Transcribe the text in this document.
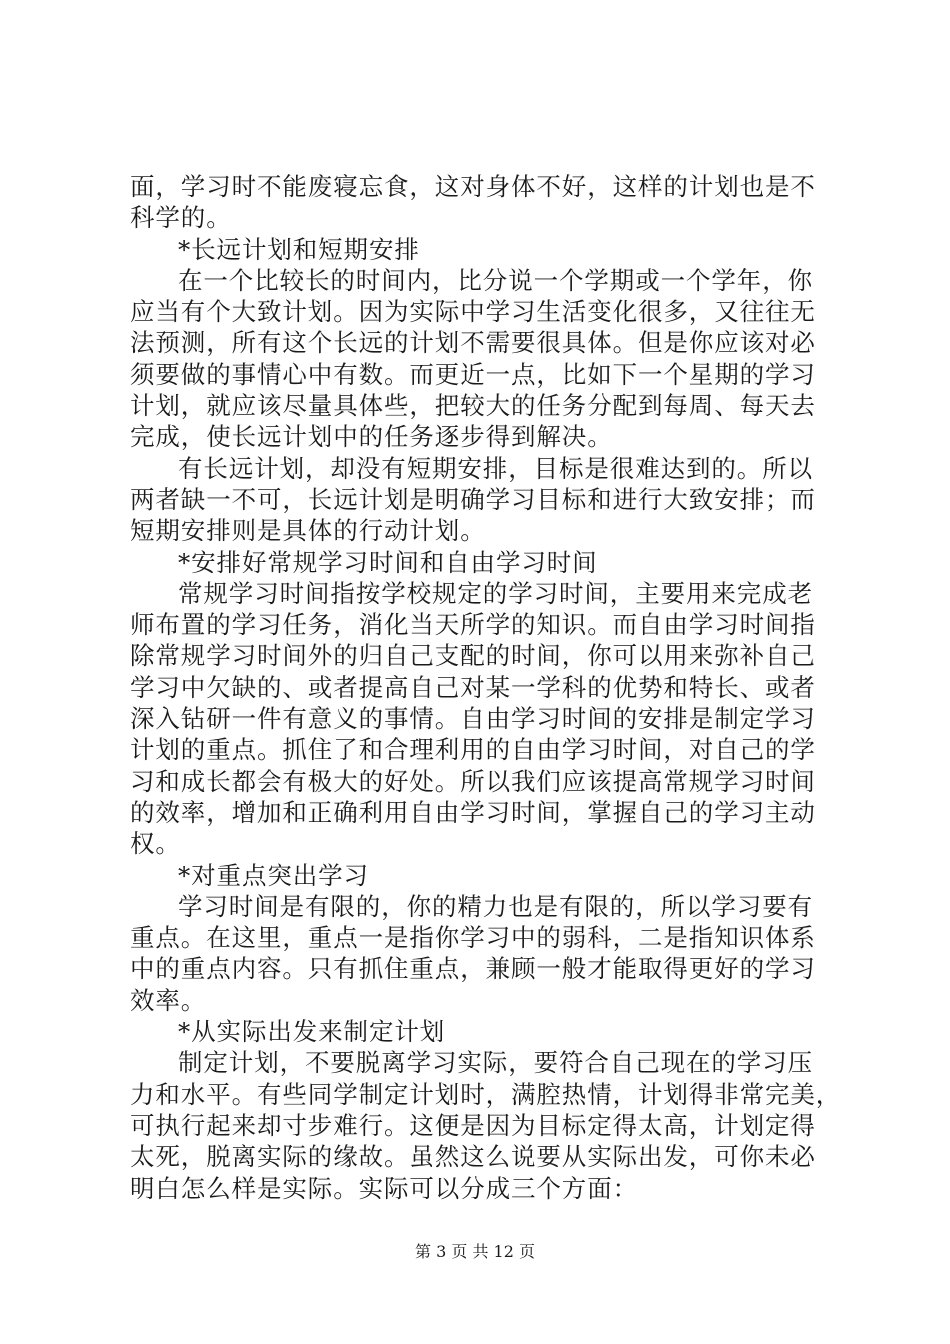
面，学习时不能废寝忘食，这对身体不好，这样的计划也是不
科学的。
*长远计划和短期安排
在一个比较长的时间内，比分说一个学期或一个学年，你
应当有个大致计划。因为实际中学习生活变化很多，又往往无
法预测，所有这个长远的计划不需要很具体。但是你应该对必
须要做的事情心中有数。而更近一点，比如下一个星期的学习
计划，就应该尽量具体些，把较大的任务分配到每周、每天去
完成，使长远计划中的任务逐步得到解决。
有长远计划，却没有短期安排，目标是很难达到的。所以
两者缺一不可，长远计划是明确学习目标和进行大致安排；而
短期安排则是具体的行动计划。
*安排好常规学习时间和自由学习时间
常规学习时间指按学校规定的学习时间，主要用来完成老
师布置的学习任务，消化当天所学的知识。而自由学习时间指
除常规学习时间外的归自己支配的时间，你可以用来弥补自己
学习中欠缺的、或者提高自己对某一学科的优势和特长、或者
深入钻研一件有意义的事情。自由学习时间的安排是制定学习
计划的重点。抓住了和合理利用的自由学习时间，对自己的学
习和成长都会有极大的好处。所以我们应该提高常规学习时间
的效率，增加和正确利用自由学习时间，掌握自己的学习主动
权。
*对重点突出学习
学习时间是有限的，你的精力也是有限的，所以学习要有
重点。在这里，重点一是指你学习中的弱科，二是指知识体系
中的重点内容。只有抓住重点，兼顾一般才能取得更好的学习
效率。
*从实际出发来制定计划
制定计划，不要脱离学习实际，要符合自己现在的学习压
力和水平。有些同学制定计划时，满腔热情，计划得非常完美，
可执行起来却寸步难行。这便是因为目标定得太高，计划定得
太死，脱离实际的缘故。虽然这么说要从实际出发，可你未必
明白怎么样是实际。实际可以分成三个方面：
第 3 页 共 12 页
